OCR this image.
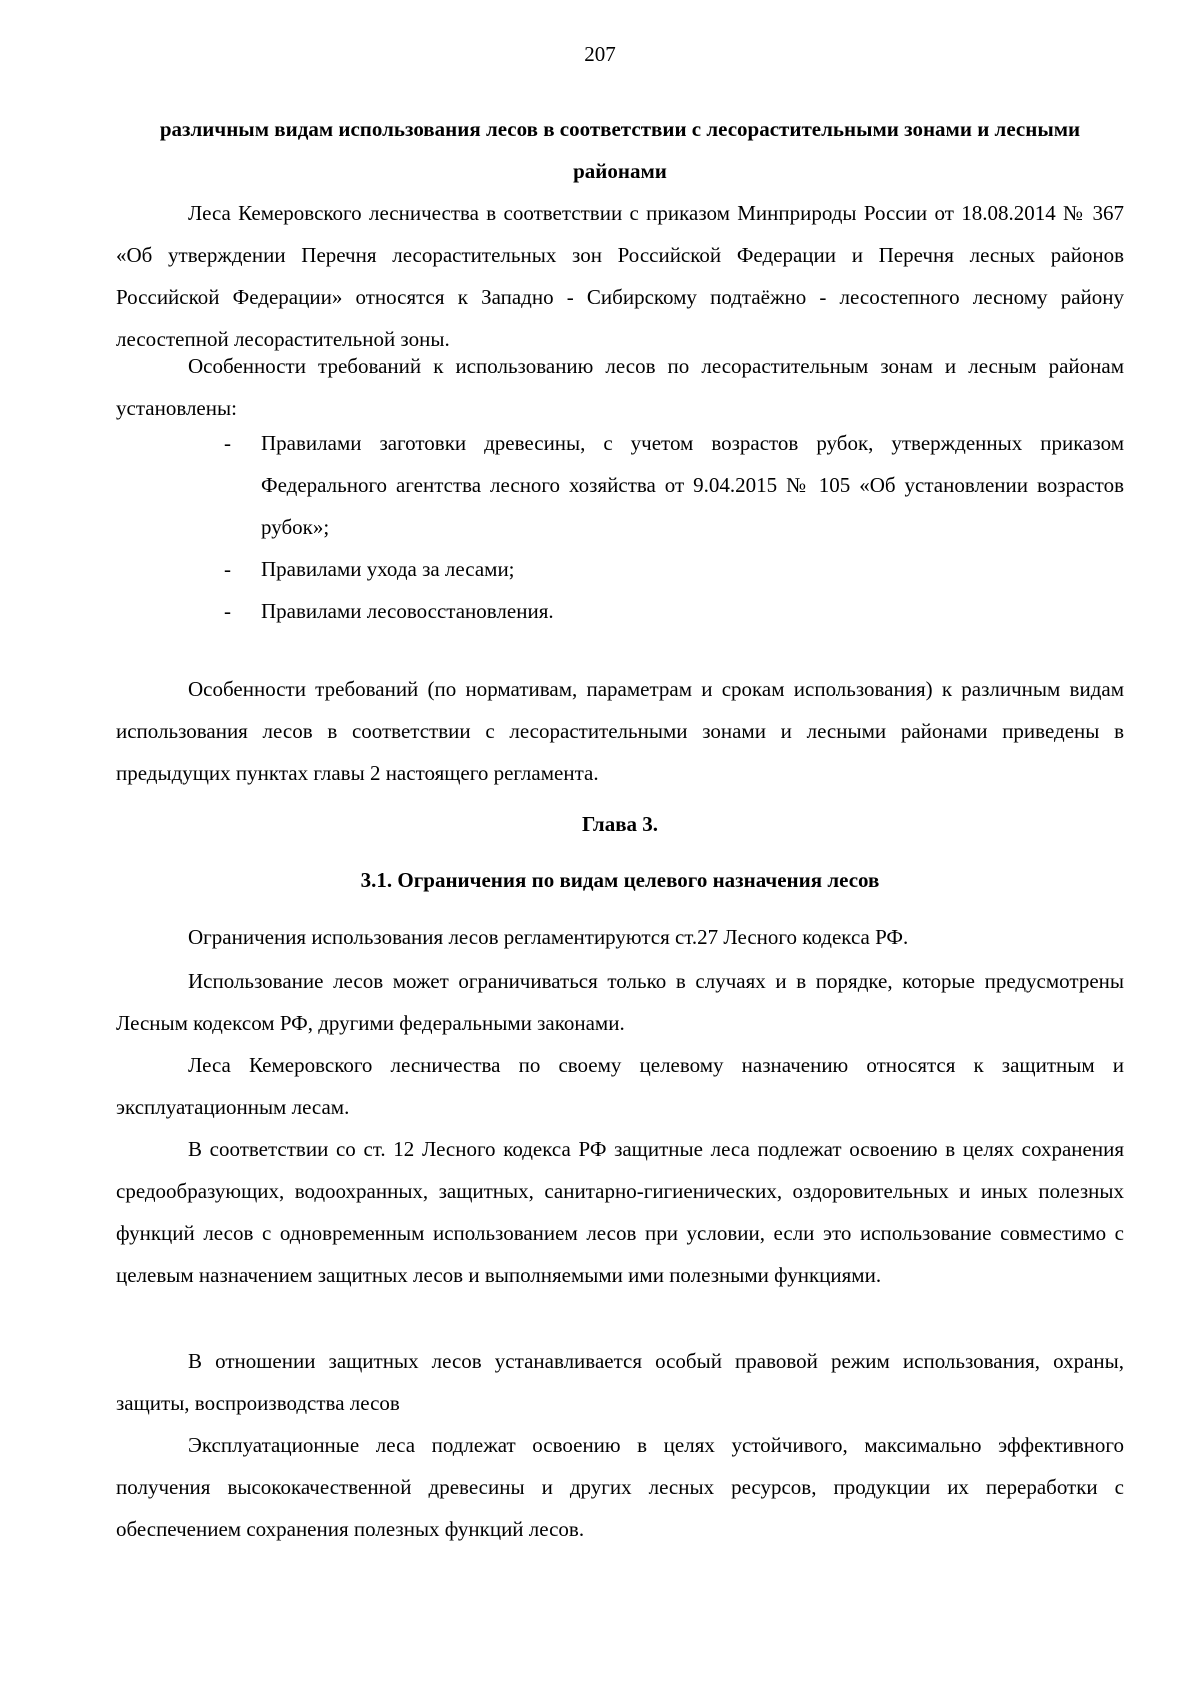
207
различным видам использования лесов в соответствии с лесорастительными зонами и лесными районами
Леса Кемеровского лесничества в соответствии с приказом Минприроды России от 18.08.2014 № 367 «Об утверждении Перечня лесорастительных зон Российской Федерации и Перечня лесных районов Российской Федерации» относятся к Западно - Сибирскому подтаёжно - лесостепного лесному району лесостепной лесорастительной зоны.
Особенности требований к использованию лесов по лесорастительным зонам и лесным районам установлены:
- Правилами заготовки древесины, с учетом возрастов рубок, утвержденных приказом Федерального агентства лесного хозяйства от 9.04.2015 № 105 «Об установлении возрастов рубок»;
- Правилами ухода за лесами;
- Правилами лесовосстановления.
Особенности требований (по нормативам, параметрам и срокам использования) к различным видам использования лесов в соответствии с лесорастительными зонами и лесными районами приведены в предыдущих пунктах главы 2 настоящего регламента.
Глава 3.
3.1. Ограничения по видам целевого назначения лесов
Ограничения использования лесов регламентируются ст.27 Лесного кодекса РФ.
Использование лесов может ограничиваться только в случаях и в порядке, которые предусмотрены Лесным кодексом РФ, другими федеральными законами.
Леса Кемеровского лесничества по своему целевому назначению относятся к защитным и эксплуатационным лесам.
В соответствии со ст. 12 Лесного кодекса РФ защитные леса подлежат освоению в целях сохранения средообразующих, водоохранных, защитных, санитарно-гигиенических, оздоровительных и иных полезных функций лесов с одновременным использованием лесов при условии, если это использование совместимо с целевым назначением защитных лесов и выполняемыми ими полезными функциями.
В отношении защитных лесов устанавливается особый правовой режим использования, охраны, защиты, воспроизводства лесов
Эксплуатационные леса подлежат освоению в целях устойчивого, максимально эффективного получения высококачественной древесины и других лесных ресурсов, продукции их переработки с обеспечением сохранения полезных функций лесов.
